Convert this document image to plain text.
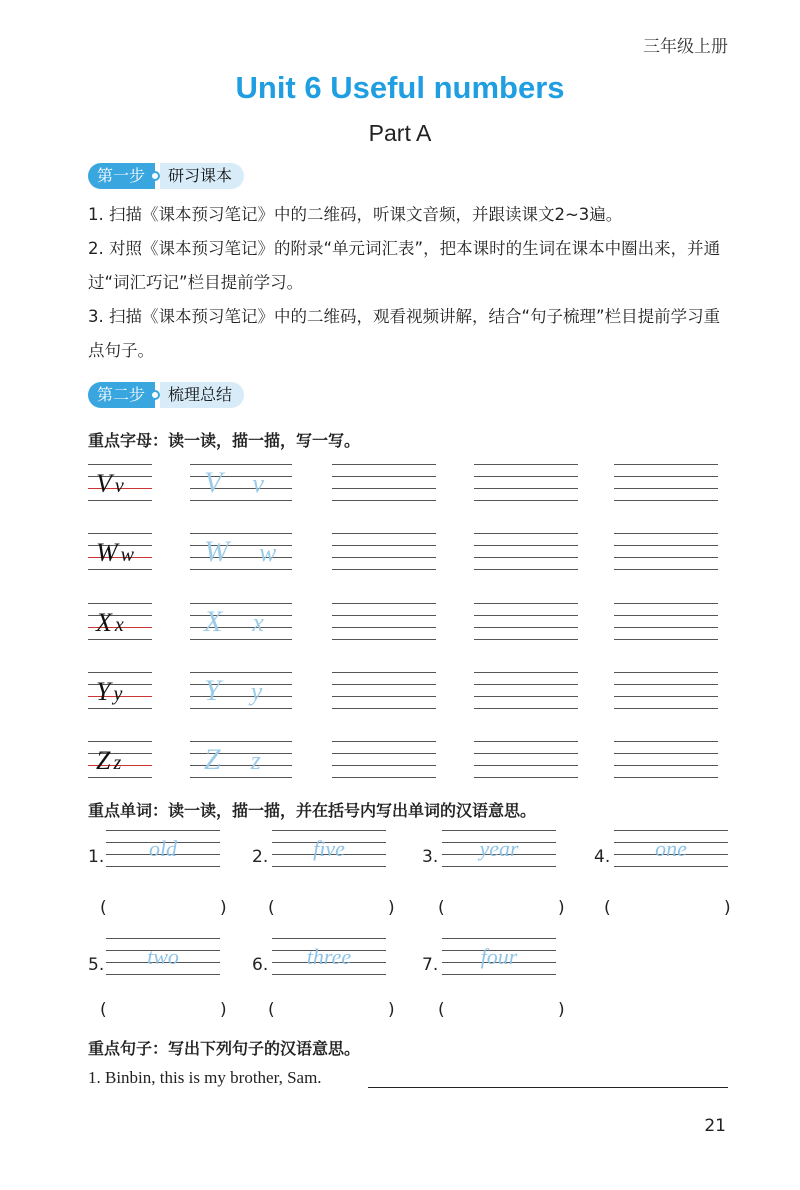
三年级上册
Unit 6 Useful numbers
Part A
第一步	研习课本
1. 扫描《课本预习笔记》中的二维码，听课文音频，并跟读课文2~3遍。
2. 对照《课本预习笔记》的附录“单元词汇表”，把本课时的生词在课本中圈出来，并通过“词汇巧记”栏目提前学习。
3. 扫描《课本预习笔记》中的二维码，观看视频讲解，结合“句子梳理”栏目提前学习重点句子。
第二步	梳理总结
重点字母：读一读，描一描，写一写。
V v	V v
W w W w
X x	X x
Y y	Y y
Z z	Z z
重点单词：读一读，描一描，并在括号内写出单词的汉语意思。
1.	old
(	)
2.	five
(	)
3.	year
(	)
4.	one
(	)
5.	two
(	)
6.	three
(	)
7.	four
(	)
重点句子：写出下列句子的汉语意思。
1. Binbin, this is my brother, Sam.
21
